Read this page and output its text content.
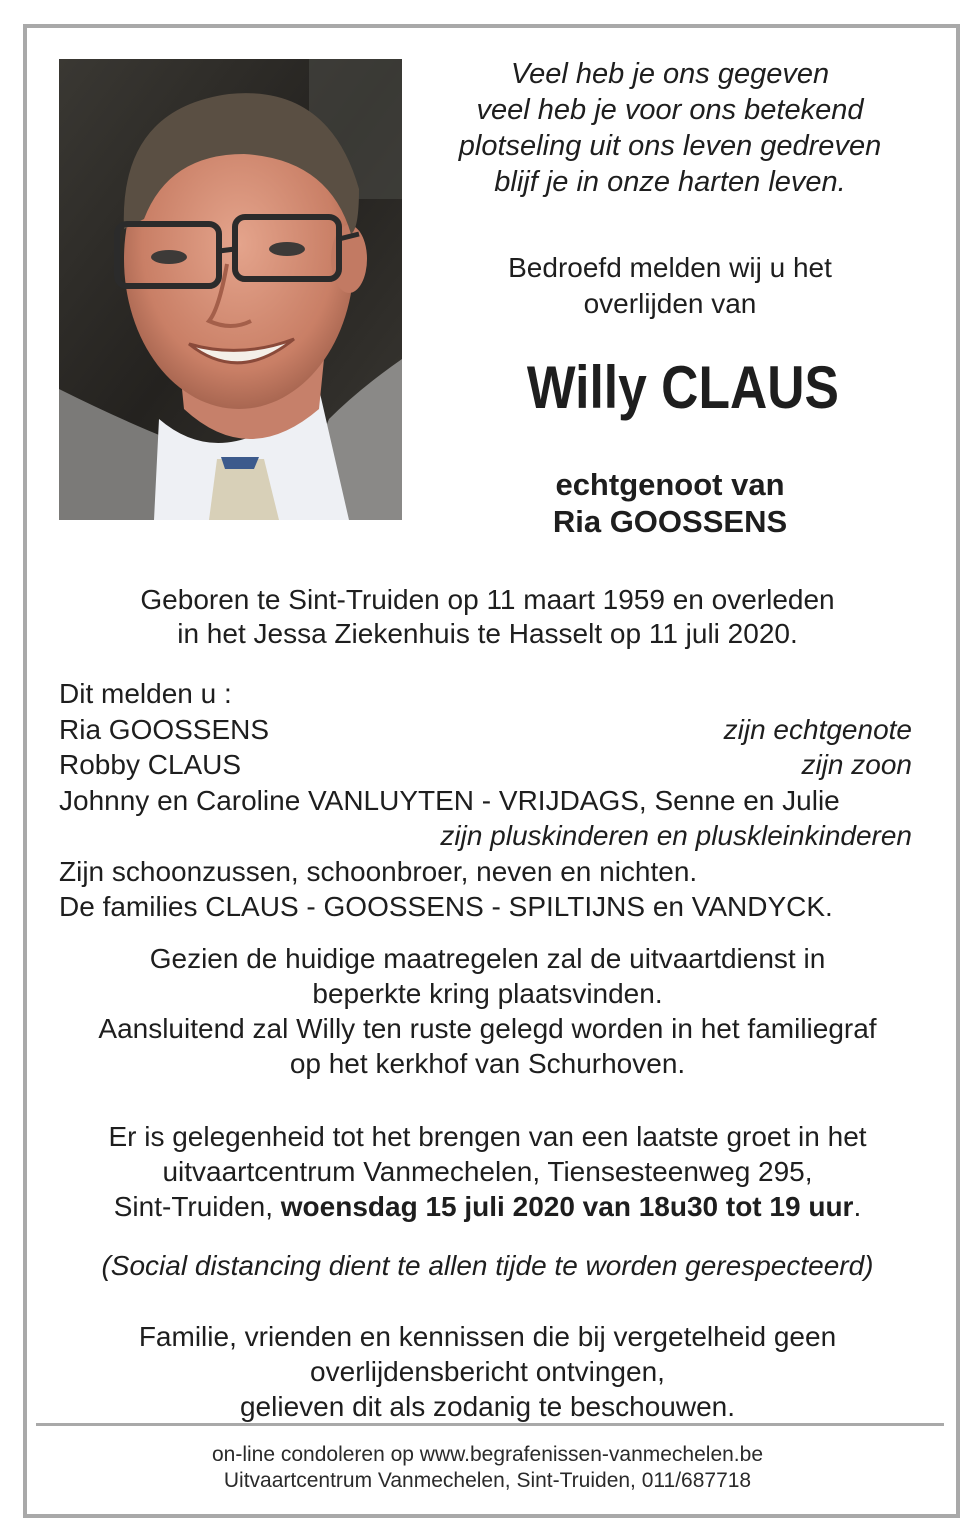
Veel heb je ons gegeven
veel heb je voor ons betekend
plotseling uit ons leven gedreven
blijf je in onze harten leven.
Bedroefd melden wij u het
overlijden van
Willy CLAUS
echtgenoot van
Ria GOOSSENS
Geboren te Sint-Truiden op 11 maart 1959 en overleden
in het Jessa Ziekenhuis te Hasselt op 11 juli 2020.
Dit melden u :
Ria GOOSSENS	zijn echtgenote
Robby CLAUS	zijn zoon
Johnny en Caroline VANLUYTEN - VRIJDAGS, Senne en Julie
zijn pluskinderen en pluskleinkinderen
Zijn schoonzussen, schoonbroer, neven en nichten.
De families CLAUS - GOOSSENS - SPILTIJNS en VANDYCK.
Gezien de huidige maatregelen zal de uitvaartdienst in
beperkte kring plaatsvinden.
Aansluitend zal Willy ten ruste gelegd worden in het familiegraf
op het kerkhof van Schurhoven.
Er is gelegenheid tot het brengen van een laatste groet in het
uitvaartcentrum Vanmechelen, Tiensesteenweg 295,
Sint-Truiden, woensdag 15 juli 2020 van 18u30 tot 19 uur.
(Social distancing dient te allen tijde te worden gerespecteerd)
Familie, vrienden en kennissen die bij vergetelheid geen
overlijdensbericht ontvingen,
gelieven dit als zodanig te beschouwen.
on-line condoleren op www.begrafenissen-vanmechelen.be
Uitvaartcentrum Vanmechelen, Sint-Truiden, 011/687718
